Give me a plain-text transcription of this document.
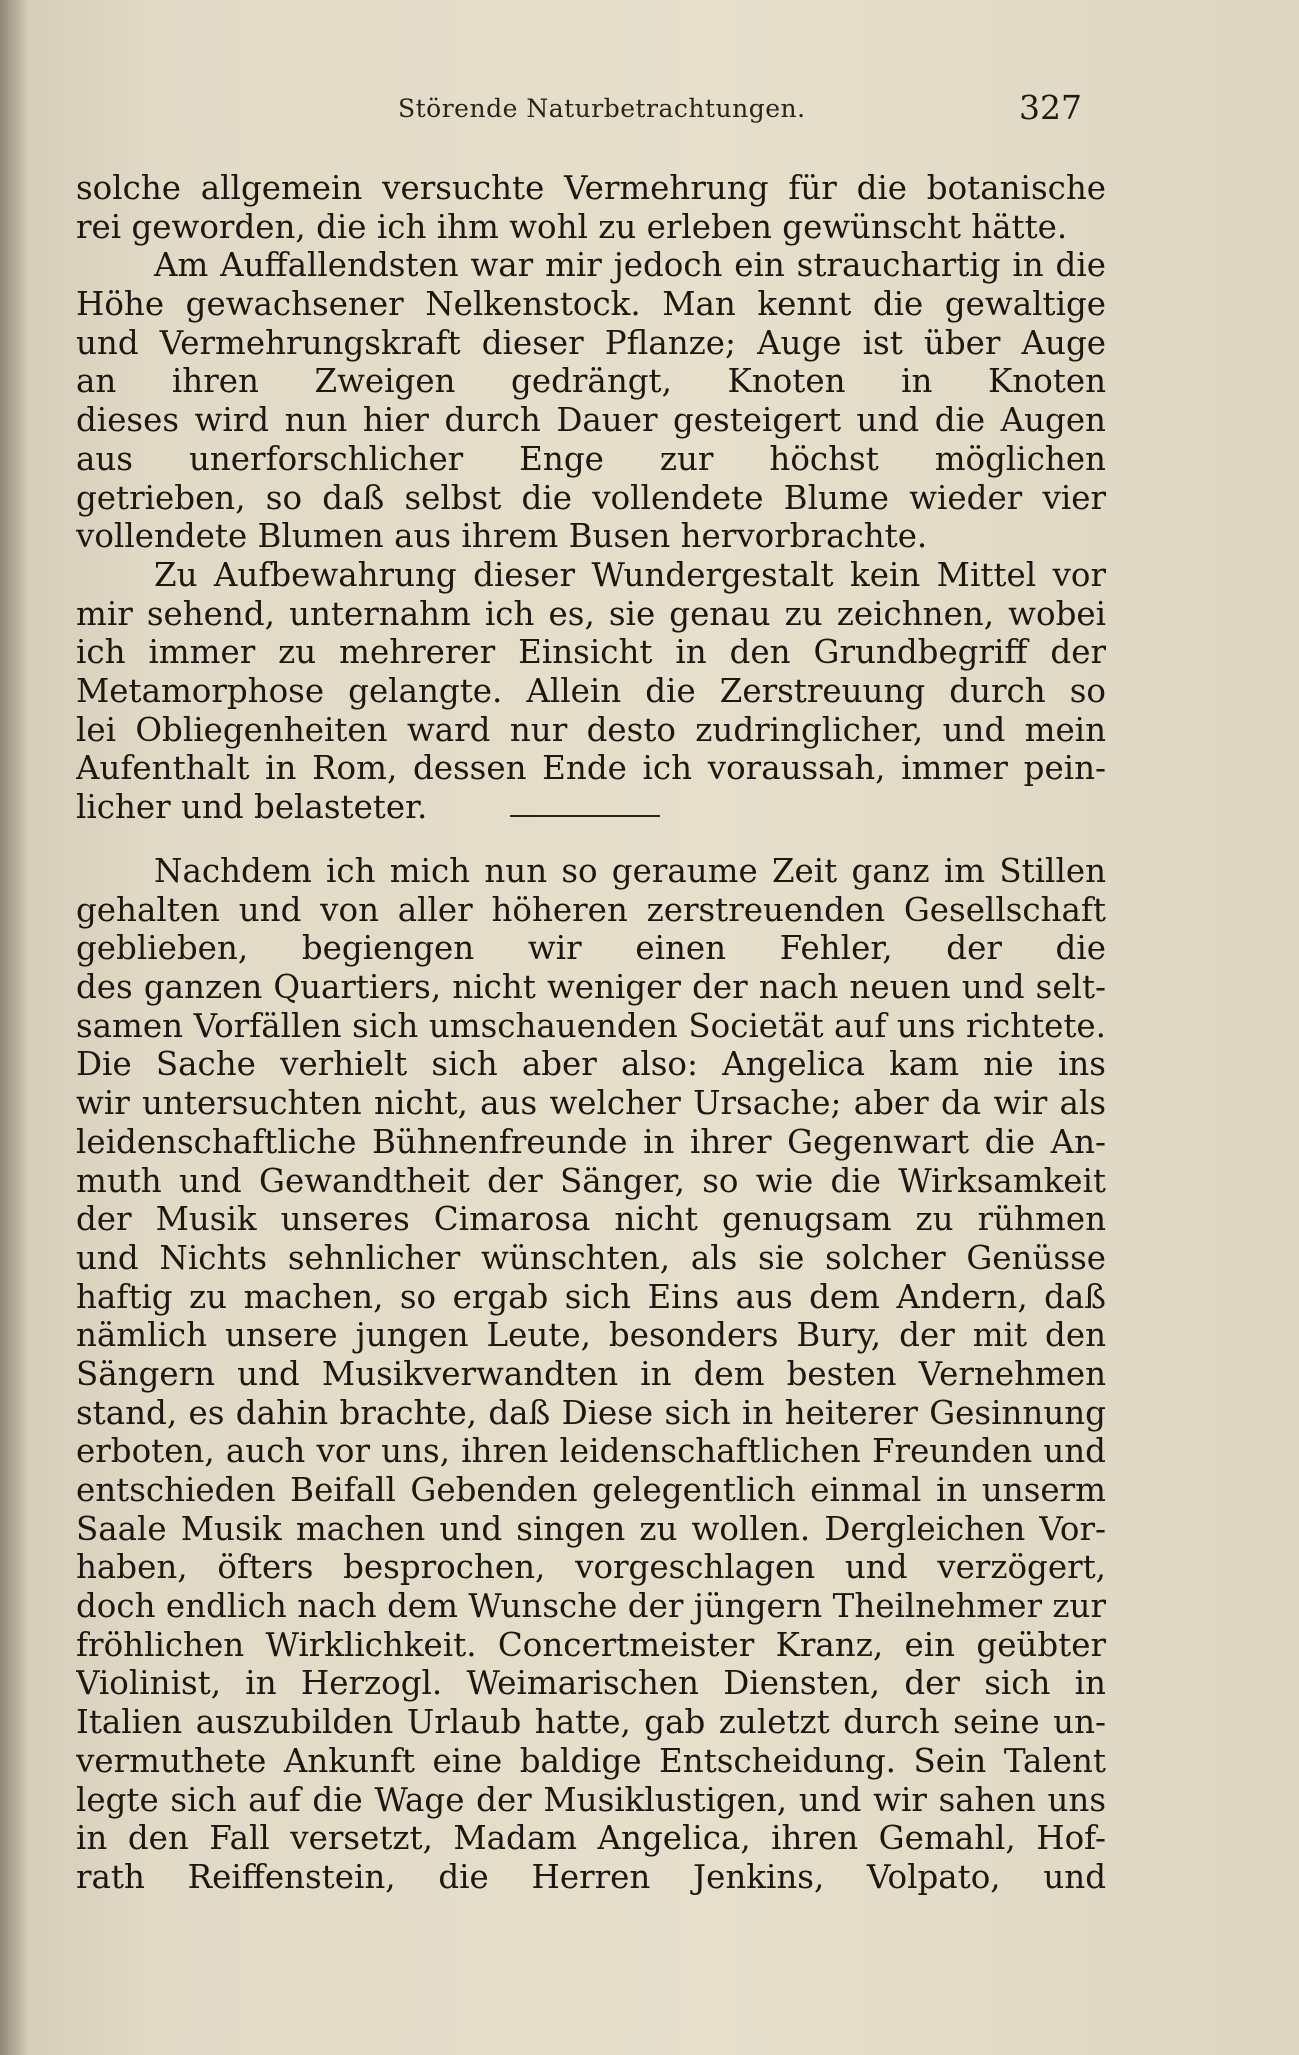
Störende Naturbetrachtungen.	327
solche allgemein versuchte Vermehrung für die botanische
rei geworden, die ich ihm wohl zu erleben gewünscht hätte.
Am Auffallendsten war mir jedoch ein strauchartig in die
Höhe gewachsener Nelkenstock. Man kennt die gewaltige
und Vermehrungskraft dieser Pflanze; Auge ist über Auge
an ihren Zweigen gedrängt, Knoten in Knoten
dieses wird nun hier durch Dauer gesteigert und die Augen
aus unerforschlicher Enge zur höchst möglichen
getrieben, so daß selbst die vollendete Blume wieder vier
vollendete Blumen aus ihrem Busen hervorbrachte.
Zu Aufbewahrung dieser Wundergestalt kein Mittel vor
mir sehend, unternahm ich es, sie genau zu zeichnen, wobei
ich immer zu mehrerer Einsicht in den Grundbegriff der
Metamorphose gelangte. Allein die Zerstreuung durch so
lei Obliegenheiten ward nur desto zudringlicher, und mein
Aufenthalt in Rom, dessen Ende ich voraussah, immer pein-
licher und belasteter.
Nachdem ich mich nun so geraume Zeit ganz im Stillen
gehalten und von aller höheren zerstreuenden Gesellschaft
geblieben, begiengen wir einen Fehler, der die
des ganzen Quartiers, nicht weniger der nach neuen und selt-
samen Vorfällen sich umschauenden Societät auf uns richtete.
Die Sache verhielt sich aber also: Angelica kam nie ins
wir untersuchten nicht, aus welcher Ursache; aber da wir als
leidenschaftliche Bühnenfreunde in ihrer Gegenwart die An-
muth und Gewandtheit der Sänger, so wie die Wirksamkeit
der Musik unseres Cimarosa nicht genugsam zu rühmen
und Nichts sehnlicher wünschten, als sie solcher Genüsse
haftig zu machen, so ergab sich Eins aus dem Andern, daß
nämlich unsere jungen Leute, besonders Bury, der mit den
Sängern und Musikverwandten in dem besten Vernehmen
stand, es dahin brachte, daß Diese sich in heiterer Gesinnung
erboten, auch vor uns, ihren leidenschaftlichen Freunden und
entschieden Beifall Gebenden gelegentlich einmal in unserm
Saale Musik machen und singen zu wollen. Dergleichen Vor-
haben, öfters besprochen, vorgeschlagen und verzögert,
doch endlich nach dem Wunsche der jüngern Theilnehmer zur
fröhlichen Wirklichkeit. Concertmeister Kranz, ein geübter
Violinist, in Herzogl. Weimarischen Diensten, der sich in
Italien auszubilden Urlaub hatte, gab zuletzt durch seine un-
vermuthete Ankunft eine baldige Entscheidung. Sein Talent
legte sich auf die Wage der Musiklustigen, und wir sahen uns
in den Fall versetzt, Madam Angelica, ihren Gemahl, Hof-
rath Reiffenstein, die Herren Jenkins, Volpato, und
